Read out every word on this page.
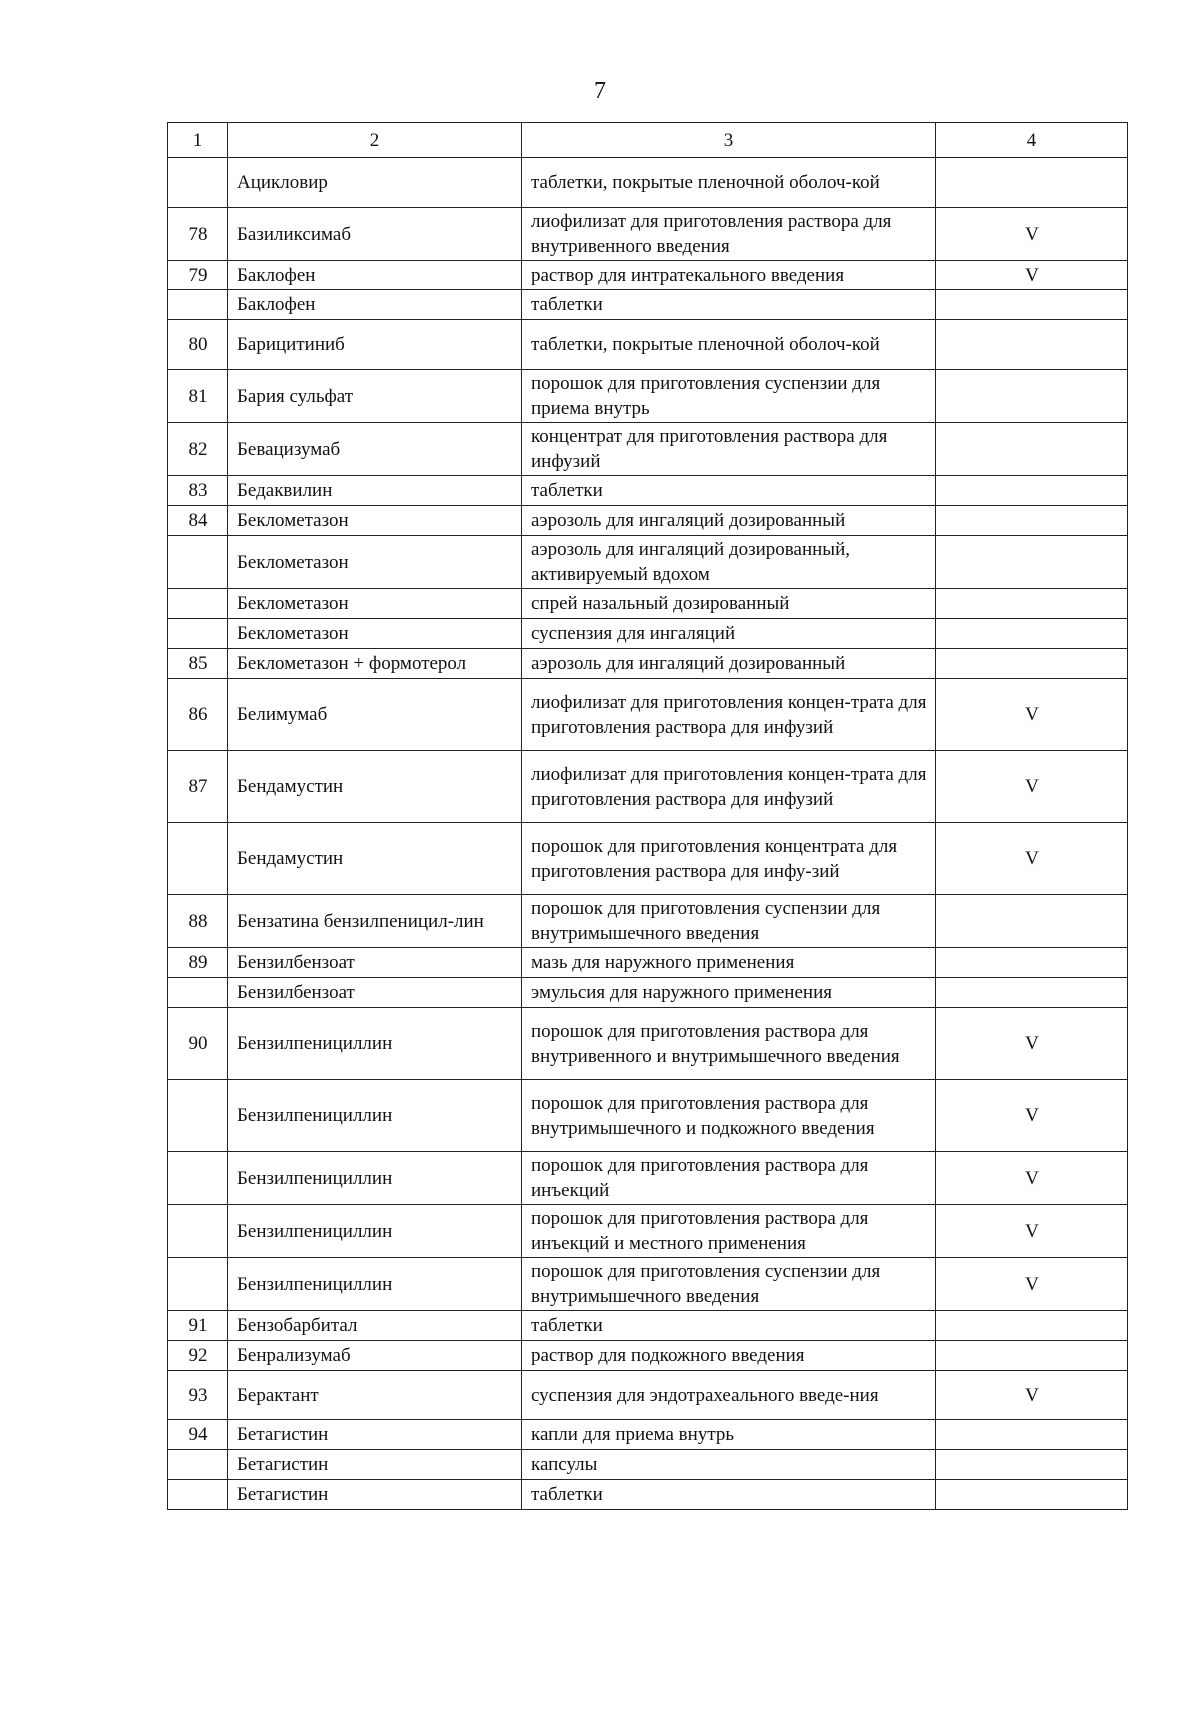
7
1	2	3	4
	Ацикловир	таблетки, покрытые пленочной оболоч-кой	
78	Базиликсимаб	лиофилизат для приготовления раствора для внутривенного введения	V
79	Баклофен	раствор для интратекального введения	V
	Баклофен	таблетки	
80	Барицитиниб	таблетки, покрытые пленочной оболоч-кой	
81	Бария сульфат	порошок для приготовления суспензии для приема внутрь	
82	Бевацизумаб	концентрат для приготовления раствора для инфузий	
83	Бедаквилин	таблетки	
84	Беклометазон	аэрозоль для ингаляций дозированный	
	Беклометазон	аэрозоль для ингаляций дозированный, активируемый вдохом	
	Беклометазон	спрей назальный дозированный	
	Беклометазон	суспензия для ингаляций	
85	Беклометазон + формотерол	аэрозоль для ингаляций дозированный	
86	Белимумаб	лиофилизат для приготовления концен-трата для приготовления раствора для инфузий	V
87	Бендамустин	лиофилизат для приготовления концен-трата для приготовления раствора для инфузий	V
	Бендамустин	порошок для приготовления концентрата для приготовления раствора для инфу-зий	V
88	Бензатина бензилпеницил-лин	порошок для приготовления суспензии для внутримышечного введения	
89	Бензилбензоат	мазь для наружного применения	
	Бензилбензоат	эмульсия для наружного применения	
90	Бензилпенициллин	порошок для приготовления раствора для внутривенного и внутримышечного введения	V
	Бензилпенициллин	порошок для приготовления раствора для внутримышечного и подкожного введения	V
	Бензилпенициллин	порошок для приготовления раствора для инъекций	V
	Бензилпенициллин	порошок для приготовления раствора для инъекций и местного применения	V
	Бензилпенициллин	порошок для приготовления суспензии для внутримышечного введения	V
91	Бензобарбитал	таблетки	
92	Бенрализумаб	раствор для подкожного введения	
93	Берактант	суспензия для эндотрахеального введе-ния	V
94	Бетагистин	капли для приема внутрь	
	Бетагистин	капсулы	
	Бетагистин	таблетки	
